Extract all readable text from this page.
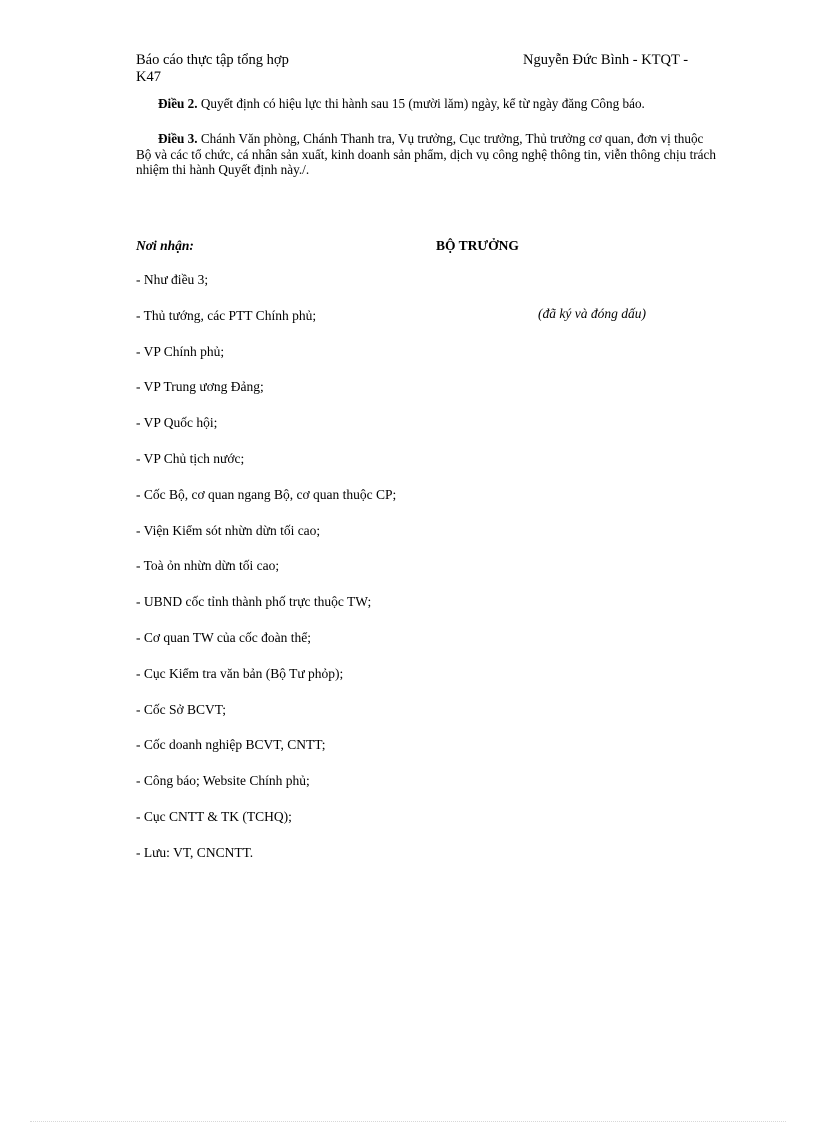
Báo cáo thực tập tổng hợp	Nguyễn Đức Bình - KTQT -
K47

Điều 2. Quyết định có hiệu lực thi hành sau 15 (mười lăm) ngày, kể từ ngày đăng Công báo.

Điều 3. Chánh Văn phòng, Chánh Thanh tra, Vụ trưởng, Cục trưởng, Thủ trưởng cơ quan, đơn vị thuộc Bộ và các tổ chức, cá nhân sản xuất, kinh doanh sản phẩm, dịch vụ công nghệ thông tin, viễn thông chịu trách nhiệm thi hành Quyết định này./.

Nơi nhận:	BỘ TRƯỞNG
(đã ký và đóng dấu)
- Như điều 3;
- Thủ tướng, các PTT Chính phủ;
- VP Chính phủ;
- VP Trung ương Đảng;
- VP Quốc hội;
- VP Chủ tịch nước;
- Cốc Bộ, cơ quan ngang Bộ, cơ quan thuộc CP;
- Viện Kiểm sót nhừn dừn tối cao;
- Toà ỏn nhừn dừn tối cao;
- UBND cốc tỉnh thành phố trực thuộc TW;
- Cơ quan TW của cốc đoàn thể;
- Cục Kiểm tra văn bản (Bộ Tư phỏp);
- Cốc Sở BCVT;
- Cốc doanh nghiệp BCVT, CNTT;
- Công báo; Website Chính phủ;
- Cục CNTT & TK (TCHQ);
- Lưu: VT, CNCNTT.
